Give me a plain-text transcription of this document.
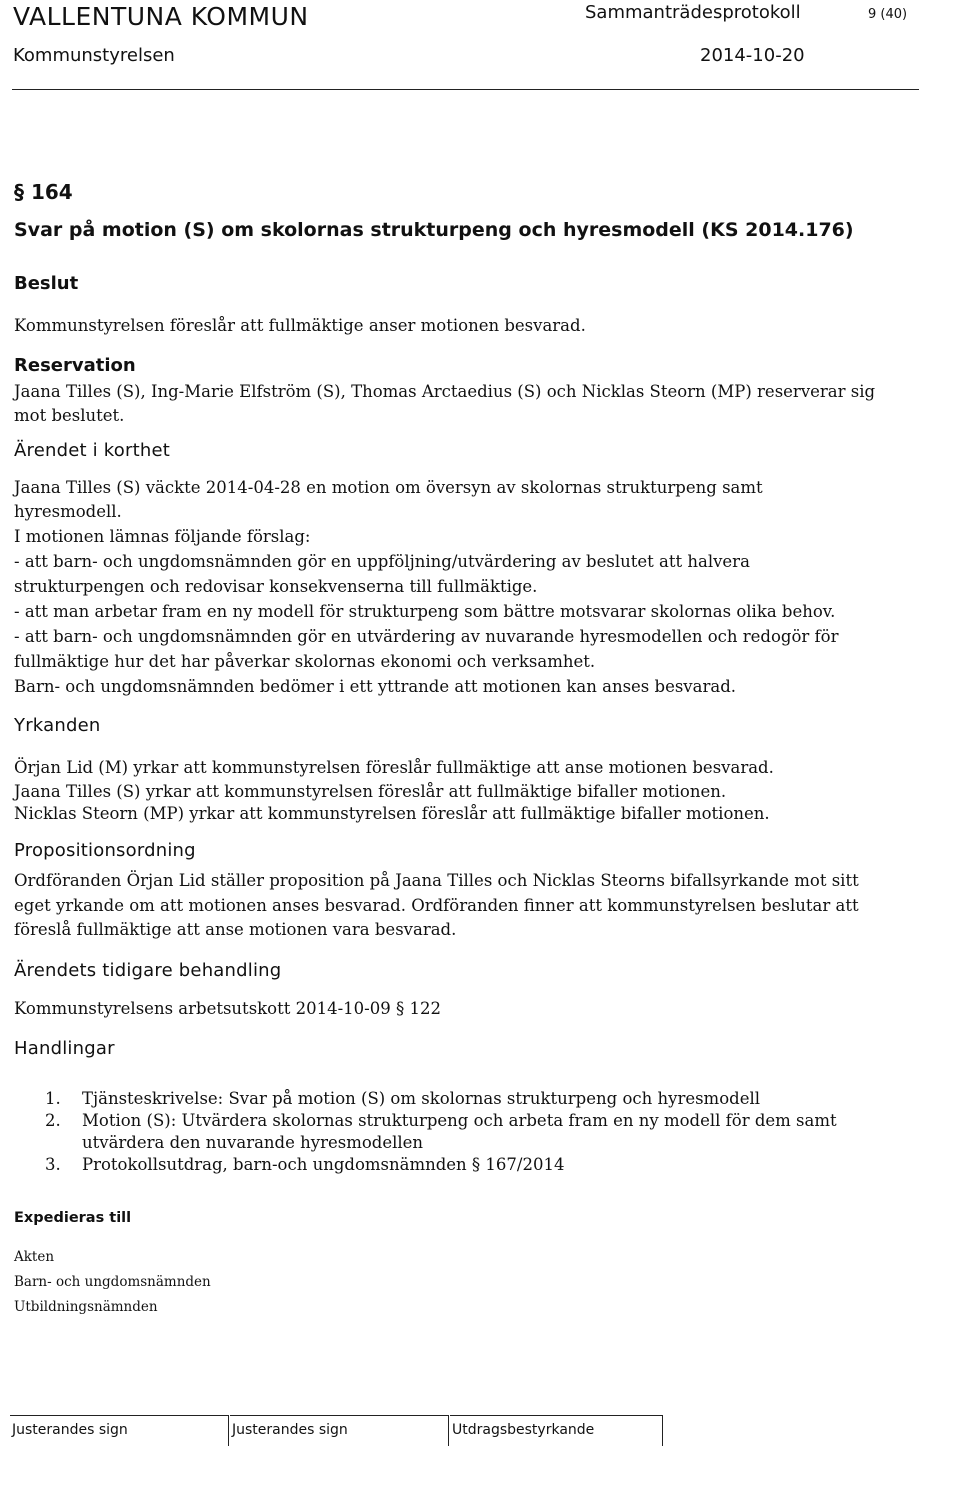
VALLENTUNA KOMMUN	Sammanträdesprotokoll	9 (40)
Kommunstyrelsen	2014-10-20
§ 164
Svar på motion (S) om skolornas strukturpeng och hyresmodell (KS 2014.176)
Beslut
Kommunstyrelsen föreslår att fullmäktige anser motionen besvarad.
Reservation
Jaana Tilles (S), Ing-Marie Elfström (S), Thomas Arctaedius (S) och Nicklas Steorn (MP) reserverar sig
mot beslutet.
Ärendet i korthet
Jaana Tilles (S) väckte 2014-04-28 en motion om översyn av skolornas strukturpeng samt
hyresmodell.
I motionen lämnas följande förslag:
- att barn- och ungdomsnämnden gör en uppföljning/utvärdering av beslutet att halvera
strukturpengen och redovisar konsekvenserna till fullmäktige.
- att man arbetar fram en ny modell för strukturpeng som bättre motsvarar skolornas olika behov.
- att barn- och ungdomsnämnden gör en utvärdering av nuvarande hyresmodellen och redogör för
fullmäktige hur det har påverkar skolornas ekonomi och verksamhet.
Barn- och ungdomsnämnden bedömer i ett yttrande att motionen kan anses besvarad.
Yrkanden
Örjan Lid (M) yrkar att kommunstyrelsen föreslår fullmäktige att anse motionen besvarad.
Jaana Tilles (S) yrkar att kommunstyrelsen föreslår att fullmäktige bifaller motionen.
Nicklas Steorn (MP) yrkar att kommunstyrelsen föreslår att fullmäktige bifaller motionen.
Propositionsordning
Ordföranden Örjan Lid ställer proposition på Jaana Tilles och Nicklas Steorns bifallsyrkande mot sitt
eget yrkande om att motionen anses besvarad. Ordföranden finner att kommunstyrelsen beslutar att
föreslå fullmäktige att anse motionen vara besvarad.
Ärendets tidigare behandling
Kommunstyrelsens arbetsutskott 2014-10-09 § 122
Handlingar
1.	Tjänsteskrivelse: Svar på motion (S) om skolornas strukturpeng och hyresmodell
2.	Motion (S): Utvärdera skolornas strukturpeng och arbeta fram en ny modell för dem samt utvärdera den nuvarande hyresmodellen
3.	Protokollsutdrag, barn-och ungdomsnämnden § 167/2014
Expedieras till
Akten
Barn- och ungdomsnämnden
Utbildningsnämnden
Justerandes sign	Justerandes sign	Utdragsbestyrkande
